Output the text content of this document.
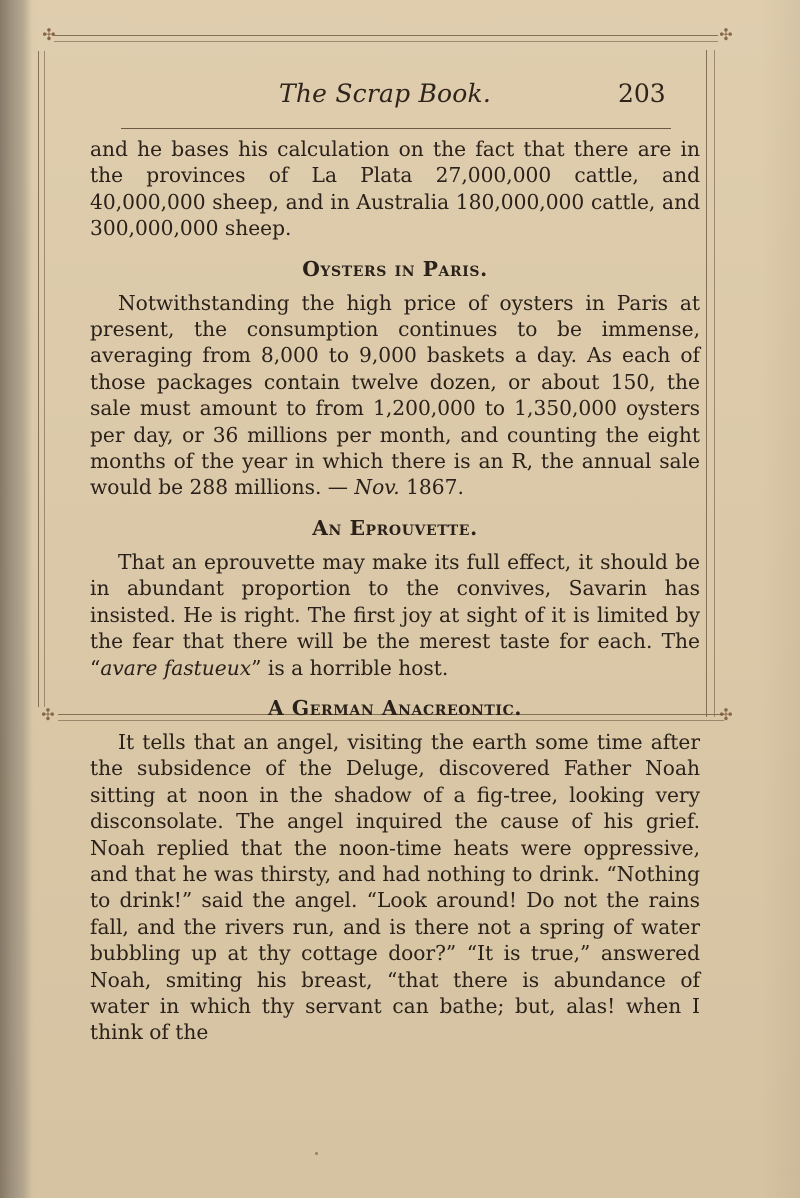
✣	✣
✣	✣
The Scrap Book.	203

and he bases his calculation on the fact that there are in the provinces of La Plata 27,000,000 cattle, and 40,000,000 sheep, and in Australia 180,000,000 cattle, and 300,000,000 sheep.

Oysters in Paris.

Notwithstanding the high price of oysters in Paris at present, the consumption continues to be immense, averaging from 8,000 to 9,000 baskets a day. As each of those packages contain twelve dozen, or about 150, the sale must amount to from 1,200,000 to 1,350,000 oysters per day, or 36 millions per month, and counting the eight months of the year in which there is an R, the annual sale would be 288 millions. — Nov. 1867.

An Eprouvette.

That an eprouvette may make its full effect, it should be in abundant proportion to the convives, Savarin has insisted. He is right. The first joy at sight of it is limited by the fear that there will be the merest taste for each. The “avare fastueux” is a horrible host.

A German Anacreontic.

It tells that an angel, visiting the earth some time after the subsidence of the Deluge, discovered Father Noah sitting at noon in the shadow of a fig-tree, looking very disconsolate. The angel inquired the cause of his grief. Noah replied that the noon-time heats were oppressive, and that he was thirsty, and had nothing to drink. “Nothing to drink!” said the angel. “Look around! Do not the rains fall, and the rivers run, and is there not a spring of water bubbling up at thy cottage door?” “It is true,” answered Noah, smiting his breast, “that there is abundance of water in which thy servant can bathe; but, alas! when I think of the
